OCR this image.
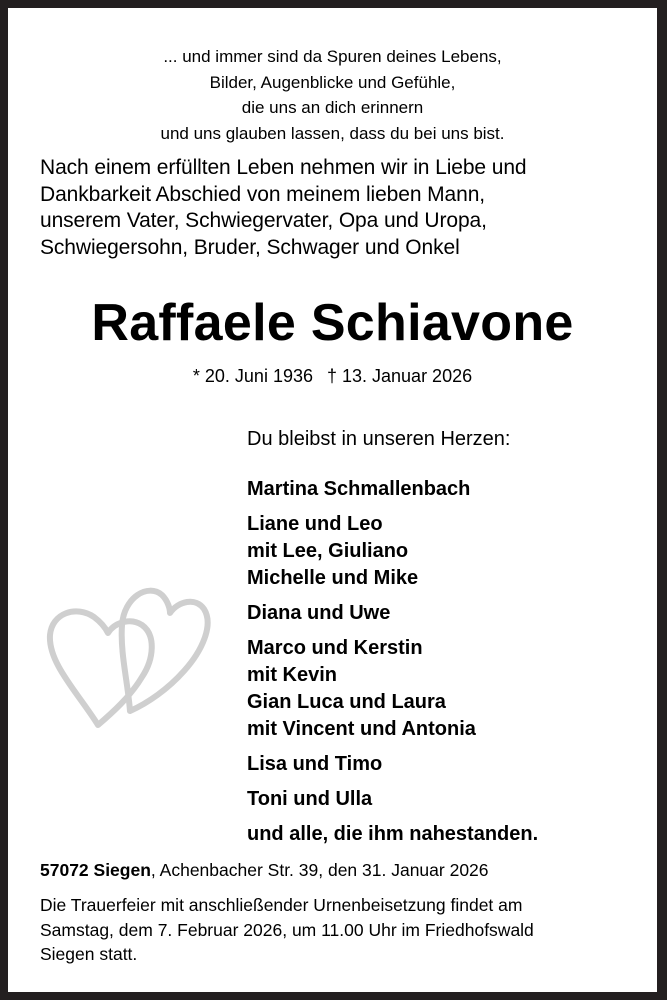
... und immer sind da Spuren deines Lebens,
Bilder, Augenblicke und Gefühle,
die uns an dich erinnern
und uns glauben lassen, dass du bei uns bist.
Nach einem erfüllten Leben nehmen wir in Liebe und
Dankbarkeit Abschied von meinem lieben Mann,
unserem Vater, Schwiegervater, Opa und Uropa,
Schwiegersohn, Bruder, Schwager und Onkel
Raffaele Schiavone
* 20. Juni 1936 † 13. Januar 2026
Du bleibst in unseren Herzen:
Martina Schmallenbach
Liane und Leo
mit Lee, Giuliano
Michelle und Mike
Diana und Uwe
Marco und Kerstin
mit Kevin
Gian Luca und Laura
mit Vincent und Antonia
Lisa und Timo
Toni und Ulla
und alle, die ihm nahestanden.
57072 Siegen, Achenbacher Str. 39, den 31. Januar 2026
Die Trauerfeier mit anschließender Urnenbeisetzung findet am
Samstag, dem 7. Februar 2026, um 11.00 Uhr im Friedhofswald
Siegen statt.
